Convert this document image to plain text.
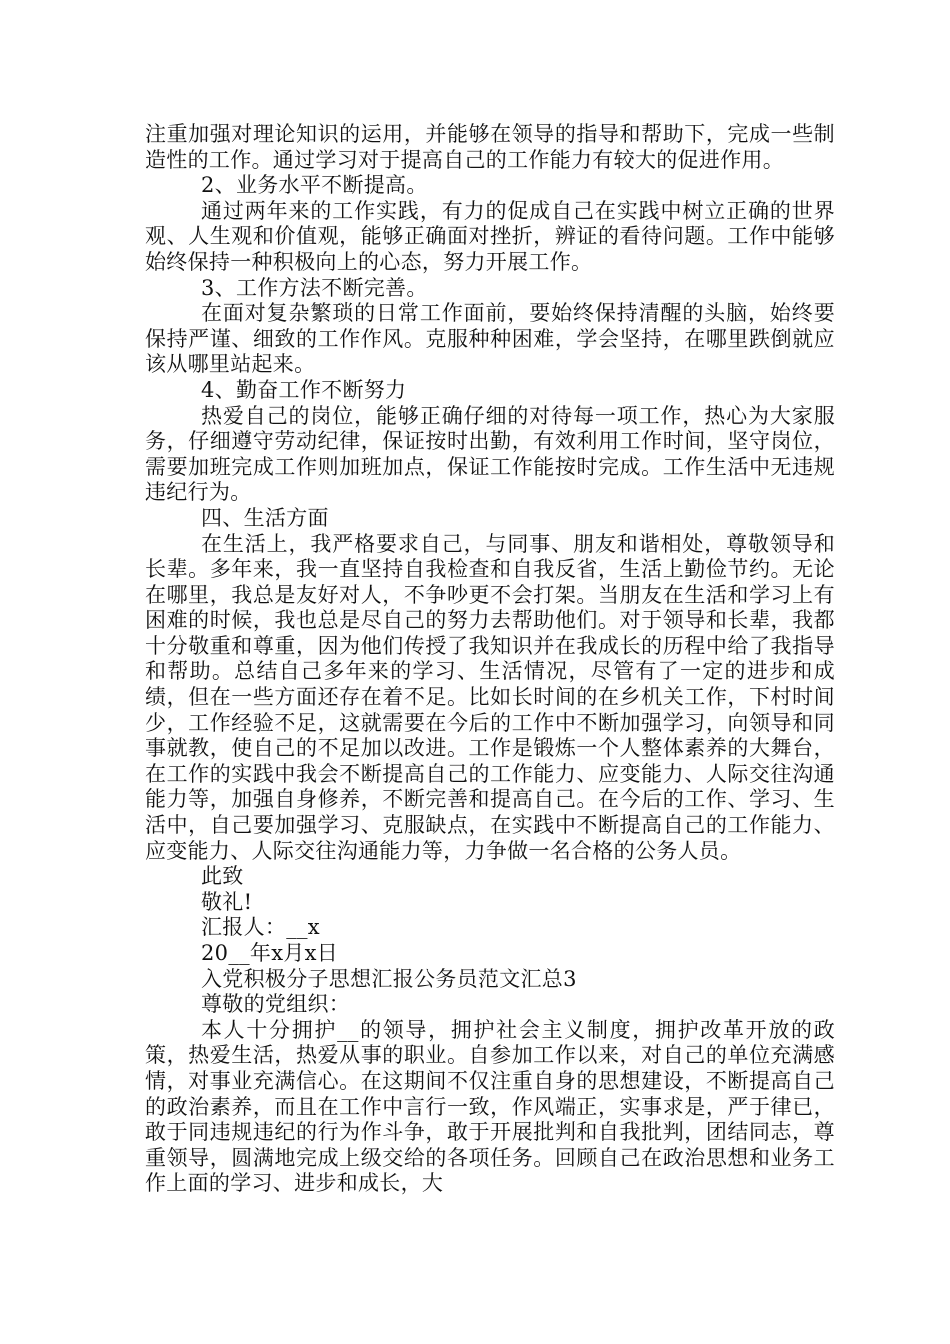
注重加强对理论知识的运用，并能够在领导的指导和帮助下，完成一些制造性的工作。通过学习对于提高自己的工作能力有较大的促进作用。

2、业务水平不断提高。

通过两年来的工作实践，有力的促成自己在实践中树立正确的世界观、人生观和价值观，能够正确面对挫折，辨证的看待问题。工作中能够始终保持一种积极向上的心态，努力开展工作。

3、工作方法不断完善。

在面对复杂繁琐的日常工作面前，要始终保持清醒的头脑，始终要保持严谨、细致的工作作风。克服种种困难，学会坚持，在哪里跌倒就应该从哪里站起来。

4、勤奋工作不断努力

热爱自己的岗位，能够正确仔细的对待每一项工作，热心为大家服务，仔细遵守劳动纪律，保证按时出勤，有效利用工作时间，坚守岗位，需要加班完成工作则加班加点，保证工作能按时完成。工作生活中无违规违纪行为。

四、生活方面

在生活上，我严格要求自己，与同事、朋友和谐相处，尊敬领导和长辈。多年来，我一直坚持自我检查和自我反省，生活上勤俭节约。无论在哪里，我总是友好对人，不争吵更不会打架。当朋友在生活和学习上有困难的时候，我也总是尽自己的努力去帮助他们。对于领导和长辈，我都十分敬重和尊重，因为他们传授了我知识并在我成长的历程中给了我指导和帮助。总结自己多年来的学习、生活情况，尽管有了一定的进步和成绩，但在一些方面还存在着不足。比如长时间的在乡机关工作，下村时间少，工作经验不足，这就需要在今后的工作中不断加强学习，向领导和同事就教，使自己的不足加以改进。工作是锻炼一个人整体素养的大舞台，在工作的实践中我会不断提高自己的工作能力、应变能力、人际交往沟通能力等，加强自身修养，不断完善和提高自己。在今后的工作、学习、生活中，自己要加强学习、克服缺点，在实践中不断提高自己的工作能力、应变能力、人际交往沟通能力等，力争做一名合格的公务人员。

此致

敬礼!

汇报人：__x

20__年x月x日

入党积极分子思想汇报公务员范文汇总3

尊敬的党组织：

本人十分拥护__的领导，拥护社会主义制度，拥护改革开放的政策，热爱生活，热爱从事的职业。自参加工作以来，对自己的单位充满感情，对事业充满信心。在这期间不仅注重自身的思想建设，不断提高自己的政治素养，而且在工作中言行一致，作风端正，实事求是，严于律已，敢于同违规违纪的行为作斗争，敢于开展批判和自我批判，团结同志，尊重领导，圆满地完成上级交给的各项任务。回顾自己在政治思想和业务工作上面的学习、进步和成长，大
